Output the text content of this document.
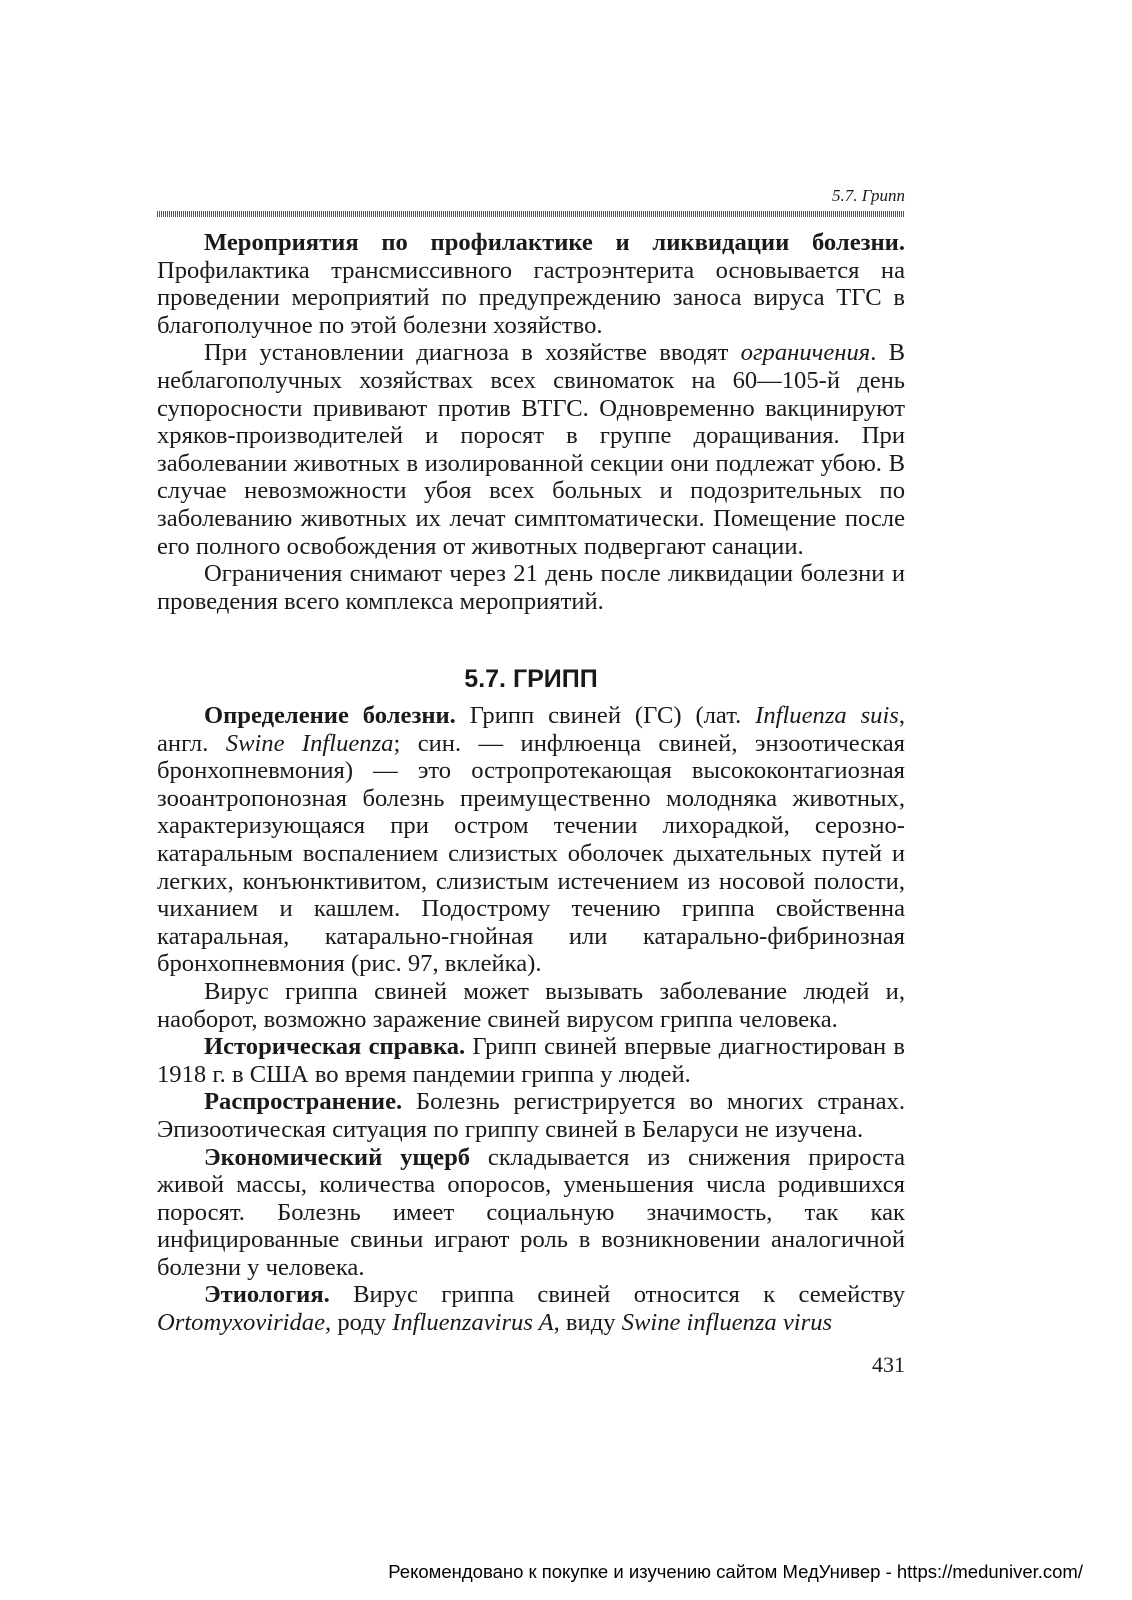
5.7. Грипп

Мероприятия по профилактике и ликвидации болезни. Профилактика трансмиссивного гастроэнтерита основывается на проведении мероприятий по предупреждению заноса вируса ТГС в благополучное по этой болезни хозяйство.

При установлении диагноза в хозяйстве вводят ограничения. В неблагополучных хозяйствах всех свиноматок на 60—105-й день супоросности прививают против ВТГС. Одновременно вакцинируют хряков-производителей и поросят в группе доращивания. При заболевании животных в изолированной секции они подлежат убою. В случае невозможности убоя всех больных и подозрительных по заболеванию животных их лечат симптоматически. Помещение после его полного освобождения от животных подвергают санации.

Ограничения снимают через 21 день после ликвидации болезни и проведения всего комплекса мероприятий.

5.7. ГРИПП

Определение болезни. Грипп свиней (ГС) (лат. Influenza suis, англ. Swine Influenza; син. — инфлюенца свиней, энзоотическая бронхопневмония) — это остропротекающая высококонтагиозная зооантропонозная болезнь преимущественно молодняка животных, характеризующаяся при остром течении лихорадкой, серозно-катаральным воспалением слизистых оболочек дыхательных путей и легких, конъюнктивитом, слизистым истечением из носовой полости, чиханием и кашлем. Подострому течению гриппа свойственна катаральная, катарально-гнойная или катарально-фибринозная бронхопневмония (рис. 97, вклейка).

Вирус гриппа свиней может вызывать заболевание людей и, наоборот, возможно заражение свиней вирусом гриппа человека.

Историческая справка. Грипп свиней впервые диагностирован в 1918 г. в США во время пандемии гриппа у людей.

Распространение. Болезнь регистрируется во многих странах. Эпизоотическая ситуация по гриппу свиней в Беларуси не изучена.

Экономический ущерб складывается из снижения прироста живой массы, количества опоросов, уменьшения числа родившихся поросят. Болезнь имеет социальную значимость, так как инфицированные свиньи играют роль в возникновении аналогичной болезни у человека.

Этиология. Вирус гриппа свиней относится к семейству Ortomyxoviridae, роду Influenzavirus A, виду Swine influenza virus

431
Рекомендовано к покупке и изучению сайтом МедУнивер - https://meduniver.com/
